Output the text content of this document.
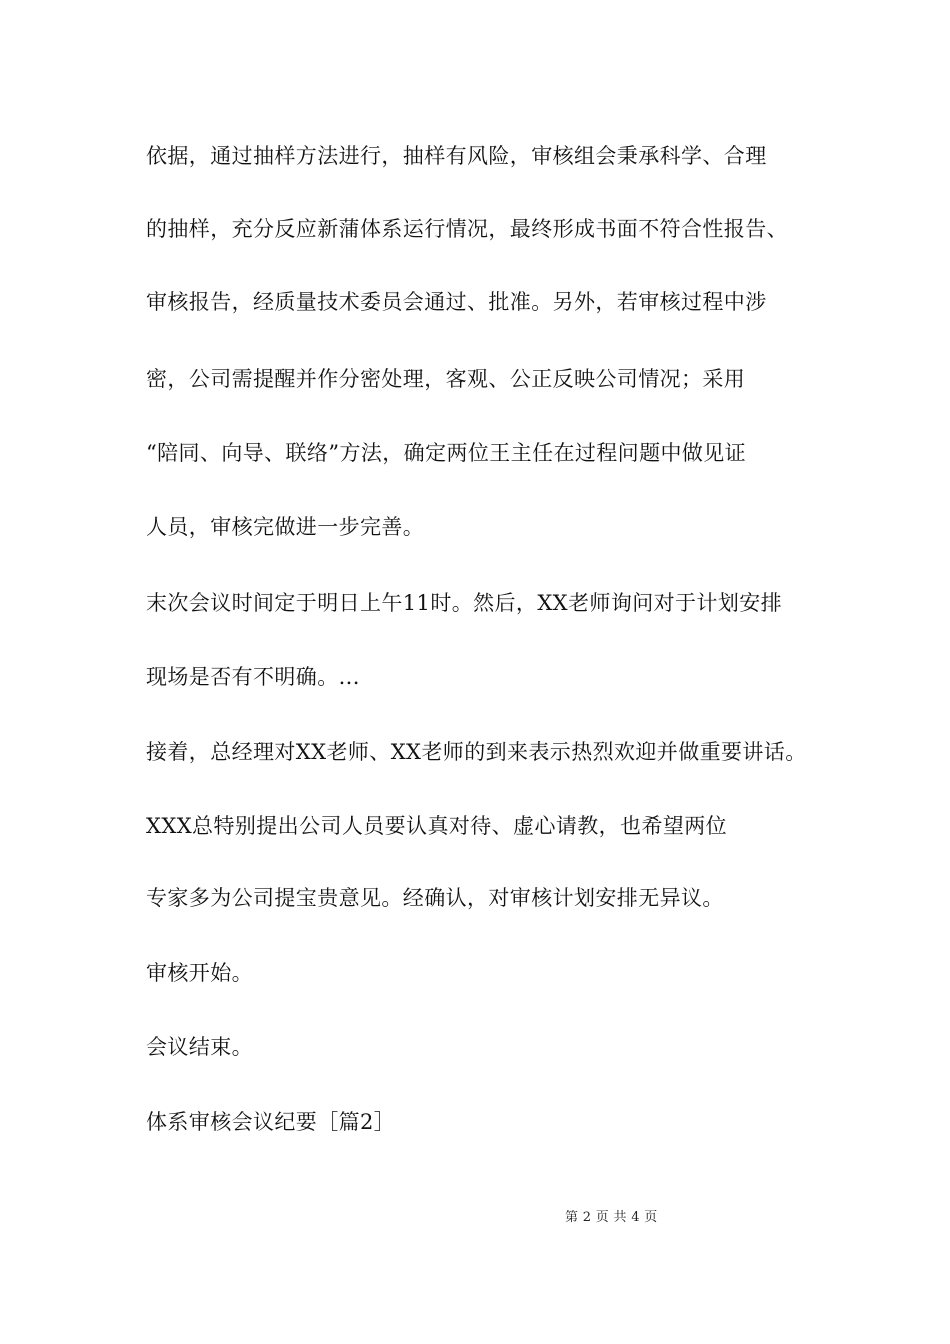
依据，通过抽样方法进行，抽样有风险，审核组会秉承科学、合理
的抽样，充分反应新蒲体系运行情况，最终形成书面不符合性报告、
审核报告，经质量技术委员会通过、批准。另外，若审核过程中涉
密，公司需提醒并作分密处理，客观、公正反映公司情况；采用
“陪同、向导、联络”方法，确定两位王主任在过程问题中做见证
人员，审核完做进一步完善。
末次会议时间定于明日上午11时。然后，XX老师询问对于计划安排
现场是否有不明确。...
接着，总经理对XX老师、XX老师的到来表示热烈欢迎并做重要讲话。
XXX总特别提出公司人员要认真对待、虚心请教，也希望两位
专家多为公司提宝贵意见。经确认，对审核计划安排无异议。
审核开始。
会议结束。
体系审核会议纪要［篇2］
第 2 页 共 4 页
